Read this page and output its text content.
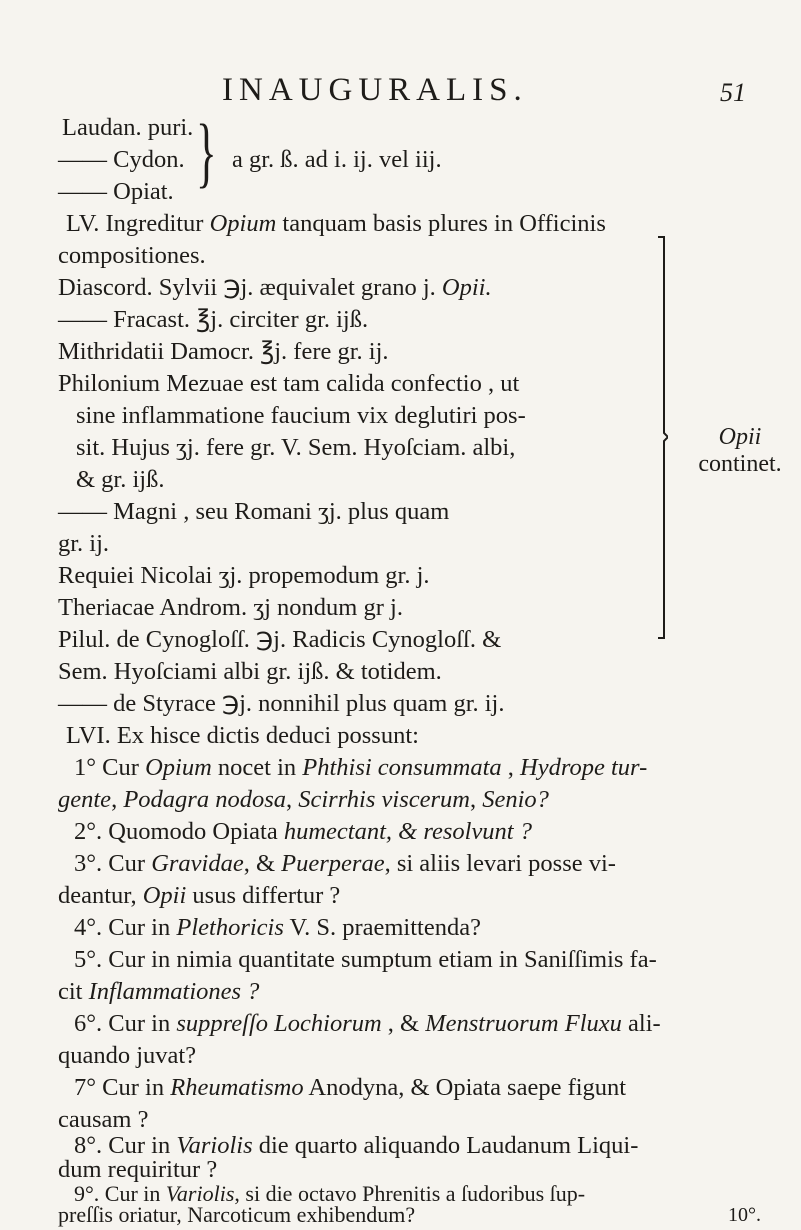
INAUGURALIS.	51
Laudan. puri.
—— Cydon.
—— Opiat. } a gr. ß. ad i. ij. vel iij.
LV. Ingreditur Opium tanquam basis plures in Officinis
compositiones.
Diascord. Sylvii ℈j. æquivalet grano j. Opii.
—— Fracast. ℥j. circiter gr. ijß.
Mithridatii Damocr. ℥j. fere gr. ij.
Philonium Mezuae est tam calida confectio , ut
sine inflammatione faucium vix deglutiri pos-
sit. Hujus ʒj. fere gr. V. Sem. Hyoſciam. albi,
& gr. ijß.
—— Magni , seu Romani ʒj. plus quam
gr. ij.
Requiei Nicolai ʒj. propemodum gr. j.
Theriacae Androm. ʒj nondum gr j.
Pilul. de Cynogloſſ. ℈j. Radicis Cynogloſſ. &
Sem. Hyoſciami albi gr. ijß. & totidem.
—— de Styrace ℈j. nonnihil plus quam gr. ij.
Opii
continet.
LVI. Ex hisce dictis deduci possunt:
1° Cur Opium nocet in Phthisi consummata , Hydrope tur-
gente, Podagra nodosa, Scirrhis viscerum, Senio?
2°. Quomodo Opiata humectant, & resolvunt ?
3°. Cur Gravidae, & Puerperae, si aliis levari posse vi-
deantur, Opii usus differtur ?
4°. Cur in Plethoricis V. S. praemittenda?
5°. Cur in nimia quantitate sumptum etiam in Saniſſimis fa-
cit Inflammationes ?
6°. Cur in suppreſſo Lochiorum , & Menstruorum Fluxu ali-
quando juvat?
7° Cur in Rheumatismo Anodyna, & Opiata saepe figunt
causam ?
8°. Cur in Variolis die quarto aliquando Laudanum Liqui-
dum requiritur ?
9°. Cur in Variolis, si die octavo Phrenitis a ſudoribus ſup-
preſſis oriatur, Narcoticum exhibendum?	10°.
